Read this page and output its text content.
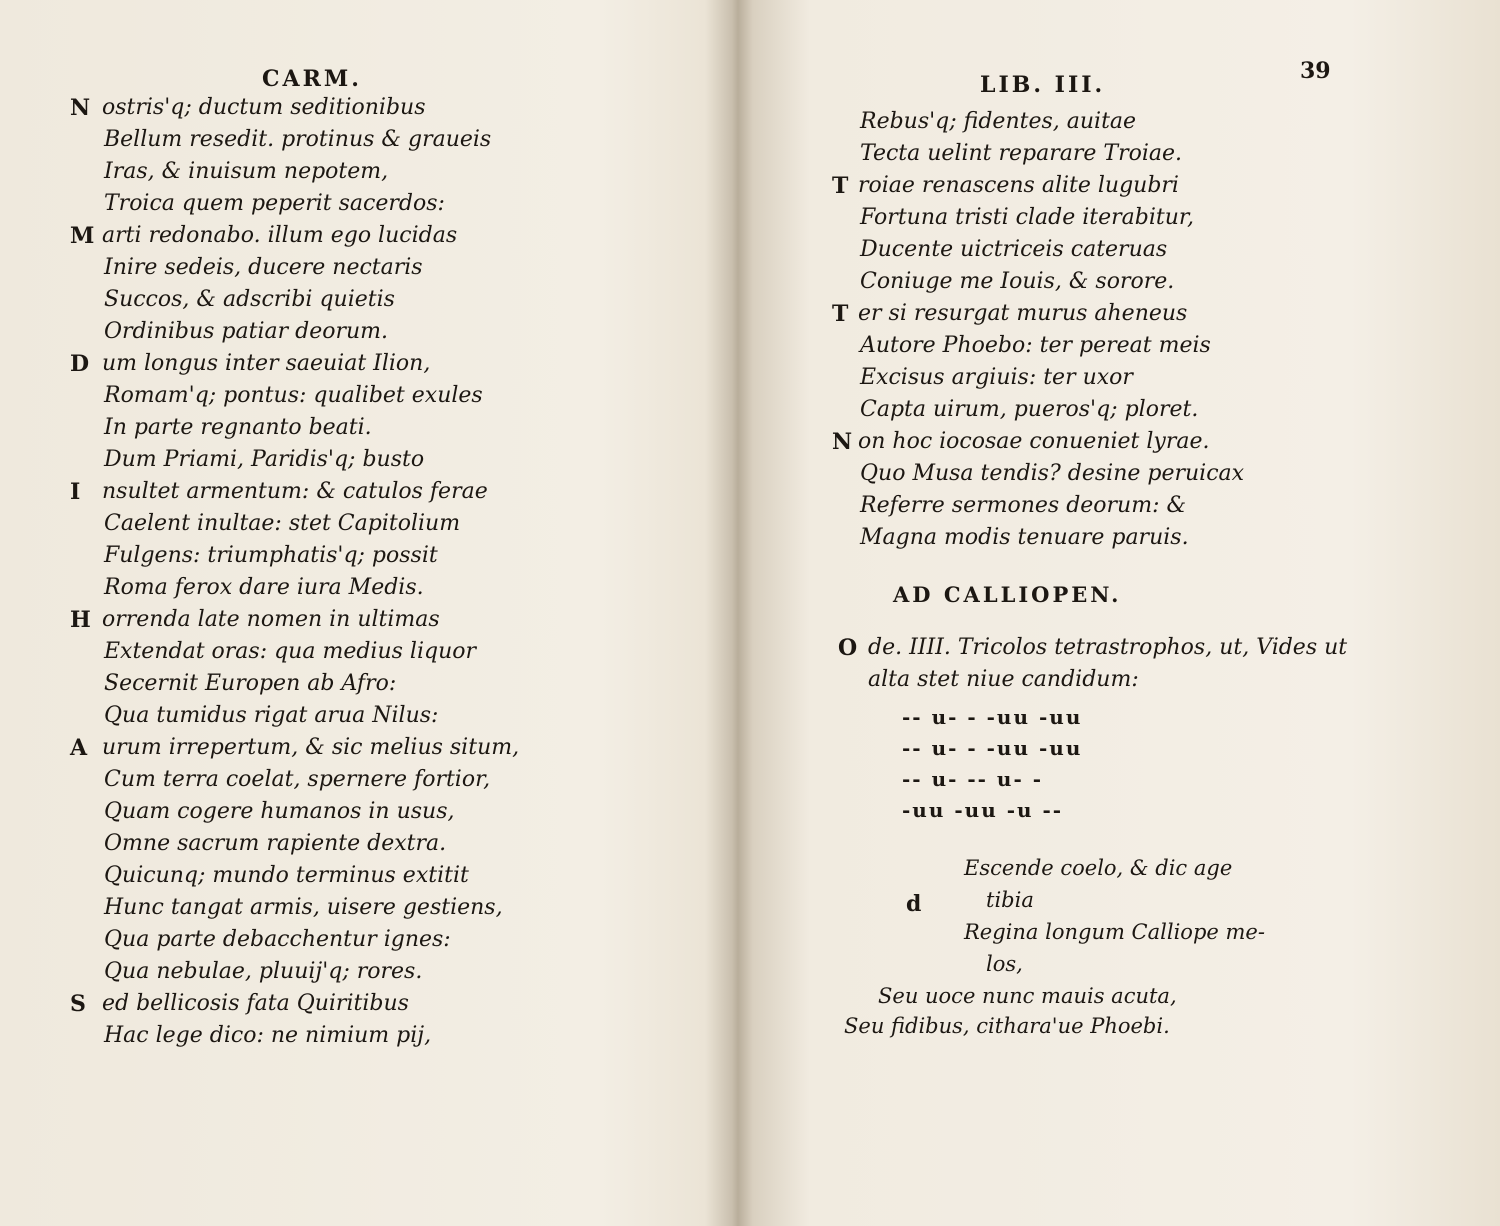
CARM.
N ostris'q; ductum seditionibus
Bellum resedit. protinus & graueis
Iras, & inuisum nepotem,
Troica quem peperit sacerdos:
M arti redonabo. illum ego lucidas
Inire sedeis, ducere nectaris
Succos, & adscribi quietis
Ordinibus patiar deorum.
D um longus inter saeuiat Ilion,
Romam'q; pontus: qualibet exules
In parte regnanto beati.
Dum Priami, Paridis'q; busto
I nsultet armentum: & catulos ferae
Caelent inultae: stet Capitolium
Fulgens: triumphatis'q; possit
Roma ferox dare iura Medis.
H orrenda late nomen in ultimas
Extendat oras: qua medius liquor
Secernit Europen ab Afro:
Qua tumidus rigat arua Nilus:
A urum irrepertum, & sic melius situm,
Cum terra coelat, spernere fortior,
Quam cogere humanos in usus,
Omne sacrum rapiente dextra.
Quicunq; mundo terminus extitit
Hunc tangat armis, uisere gestiens,
Qua parte debacchentur ignes:
Qua nebulae, pluuij'q; rores.
S ed bellicosis fata Quiritibus
Hac lege dico: ne nimium pij,
LIB. III.
39
Rebus'q; fidentes, auitae
Tecta uelint reparare Troiae.
T roiae renascens alite lugubri
Fortuna tristi clade iterabitur,
Ducente uictriceis cateruas
Coniuge me Iouis, & sorore.
T er si resurgat murus aheneus
Autore Phoebo: ter pereat meis
Excisus argiuis: ter uxor
Capta uirum, pueros'q; ploret.
N on hoc iocosae conueniet lyrae.
Quo Musa tendis? desine peruicax
Referre sermones deorum: &
Magna modis tenuare paruis.
AD CALLIOPEN.
O de. IIII. Tricolos tetrastrophos, ut, Vides ut
alta stet niue candidum:
-- u- - -uu -uu
-- u- - -uu -uu
-- u- -- u- -
-uu -uu -u --
d
Escende coelo, & dic age
tibia
Regina longum Calliope me-
los,
Seu uoce nunc mauis acuta,
Seu fidibus, cithara'ue Phoebi.
